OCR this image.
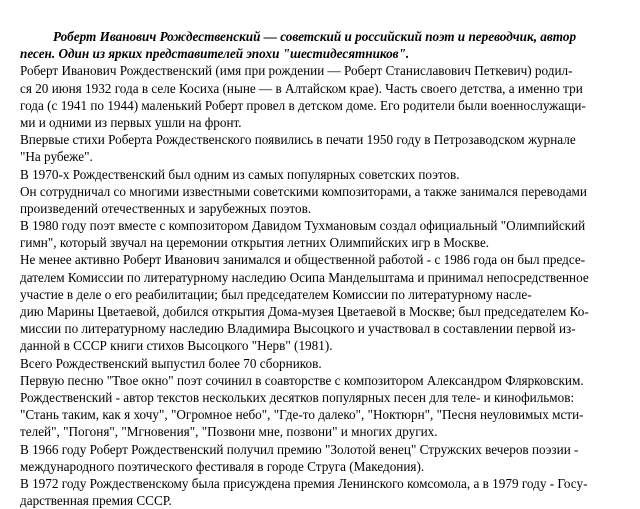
Роберт Иванович Рождественский — советский и российский поэт и переводчик, автор
песен. Один из ярких представителей эпохи "шестидесятников".
Роберт Иванович Рождественский (имя при рождении — Роберт Станиславович Петкевич) родил-
ся 20 июня 1932 года в селе Косиха (ныне — в Алтайском крае). Часть своего детства, а именно три
года (с 1941 по 1944) маленький Роберт провел в детском доме. Его родители были военнослужащи-
ми и одними из первых ушли на фронт.
Впервые стихи Роберта Рождественского появились в печати 1950 году в Петрозаводском журнале
"На рубеже".
В 1970-х Рождественский был одним из самых популярных советских поэтов.
Он сотрудничал со многими известными советскими композиторами, а также занимался переводами
произведений отечественных и зарубежных поэтов.
В 1980 году поэт вместе с композитором Давидом Тухмановым создал официальный "Олимпийский
гимн", который звучал на церемонии открытия летних Олимпийских игр в Москве.
Не менее активно Роберт Иванович занимался и общественной работой - с 1986 года он был предсе-
дателем Комиссии по литературному наследию Осипа Мандельштама и принимал непосредственное
участие в деле о его реабилитации; был председателем Комиссии по литературному насле-
дию Марины Цветаевой, добился открытия Дома-музея Цветаевой в Москве; был председателем Ко-
миссии по литературному наследию Владимира Высоцкого и участвовал в составлении первой из-
данной в СССР книги стихов Высоцкого "Нерв" (1981).
Всего Рождественский выпустил более 70 сборников.
Первую песню "Твое окно" поэт сочинил в соавторстве с композитором Александром Флярковским.
Рождественский - автор текстов нескольких десятков популярных песен для теле- и кинофильмов:
"Стань таким, как я хочу", "Огромное небо", "Где-то далеко", "Ноктюрн", "Песня неуловимых мсти-
телей", "Погоня", "Мгновения", "Позвони мне, позвони" и многих других.
В 1966 году Роберт Рождественский получил премию "Золотой венец" Стружских вечеров поэзии -
международного поэтического фестиваля в городе Струга (Македония).
В 1972 году Рождественскому была присуждена премия Ленинского комсомола, а в 1979 году - Госу-
дарственная премия СССР.
